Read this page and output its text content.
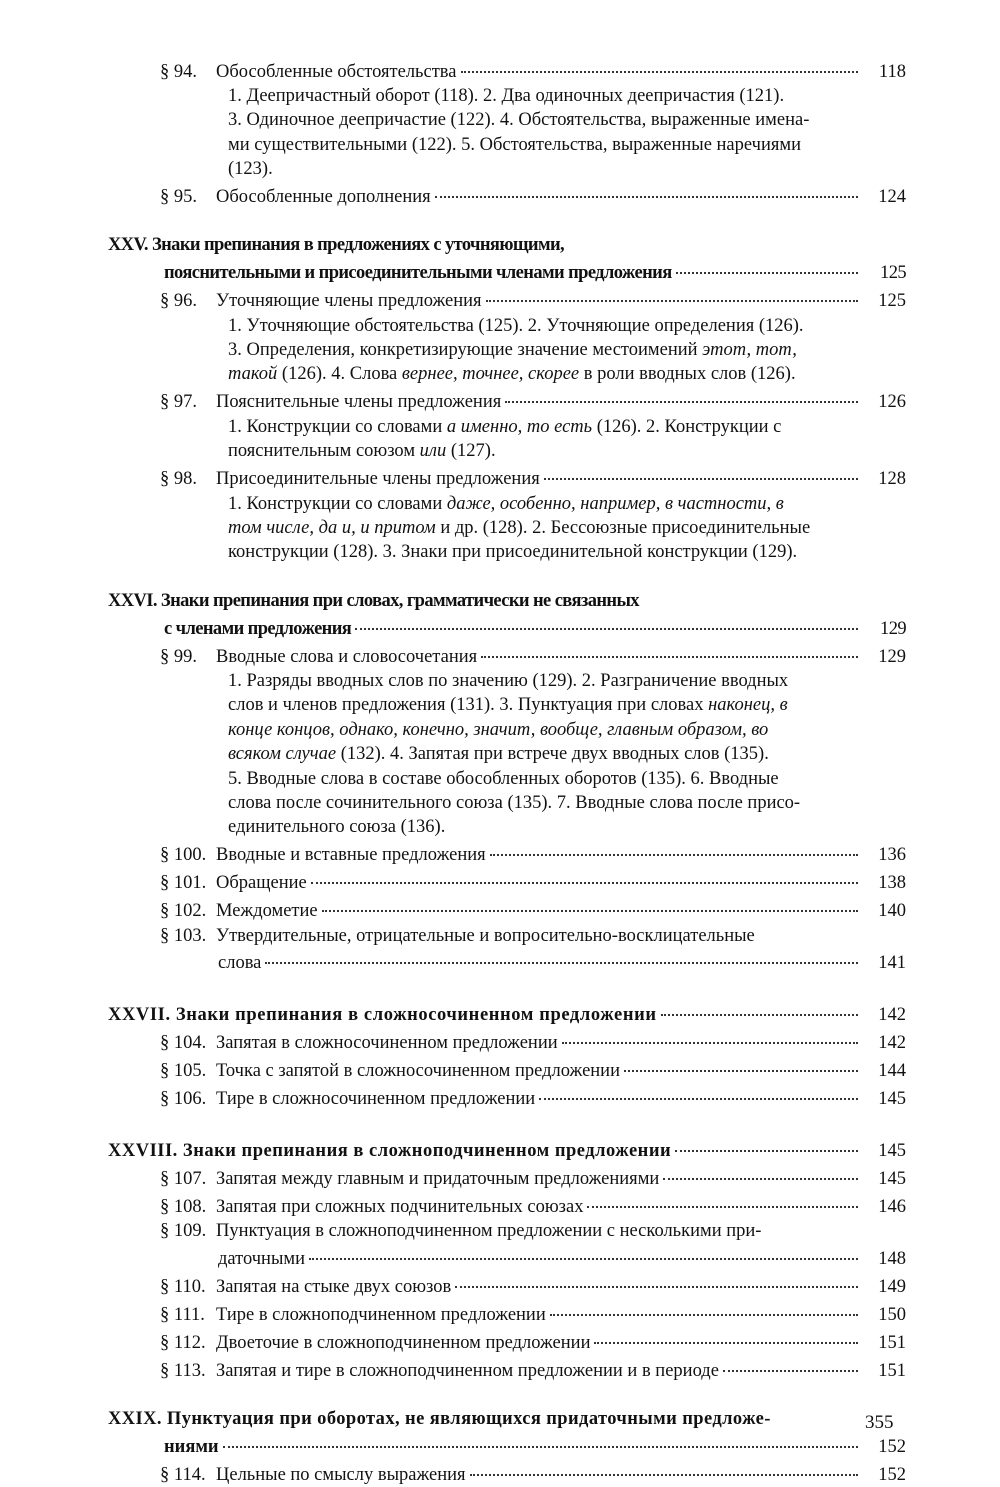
§ 94.	Обособленные обстоятельства	118
1. Деепричастный оборот (118). 2. Два одиночных деепричастия (121).
3. Одиночное деепричастие (122). 4. Обстоятельства, выраженные имена-
ми существительными (122). 5. Обстоятельства, выраженные наречиями
(123).
§ 95.	Обособленные дополнения	124
XXV. Знаки препинания в предложениях с уточняющими,
пояснительными и присоединительными членами предложения	125
§ 96.	Уточняющие члены предложения	125
1. Уточняющие обстоятельства (125). 2. Уточняющие определения (126).
3. Определения, конкретизирующие значение местоимений этот, тот,
такой (126). 4. Слова вернее, точнее, скорее в роли вводных слов (126).
§ 97.	Пояснительные члены предложения	126
1. Конструкции со словами а именно, то есть (126). 2. Конструкции с
пояснительным союзом или (127).
§ 98.	Присоединительные члены предложения	128
1. Конструкции со словами даже, особенно, например, в частности, в
том числе, да и, и притом и др. (128). 2. Бессоюзные присоединительные
конструкции (128). 3. Знаки при присоединительной конструкции (129).
XXVI. Знаки препинания при словах, грамматически не связанных
с членами предложения	129
§ 99.	Вводные слова и словосочетания	129
1. Разряды вводных слов по значению (129). 2. Разграничение вводных
слов и членов предложения (131). 3. Пунктуация при словах наконец, в
конце концов, однако, конечно, значит, вообще, главным образом, во
всяком случае (132). 4. Запятая при встрече двух вводных слов (135).
5. Вводные слова в составе обособленных оборотов (135). 6. Вводные
слова после сочинительного союза (135). 7. Вводные слова после присо-
единительного союза (136).
§ 100. Вводные и вставные предложения	136
§ 101. Обращение	138
§ 102. Междометие	140
§ 103. Утвердительные, отрицательные и вопросительно-восклицательные
слова	141
XXVII. Знаки препинания в сложносочиненном предложении	142
§ 104. Запятая в сложносочиненном предложении	142
§ 105. Точка с запятой в сложносочиненном предложении	144
§ 106. Тире в сложносочиненном предложении	145
XXVIII. Знаки препинания в сложноподчиненном предложении	145
§ 107. Запятая между главным и придаточным предложениями	145
§ 108. Запятая при сложных подчинительных союзах	146
§ 109. Пунктуация в сложноподчиненном предложении с несколькими при-
даточными	148
§ 110. Запятая на стыке двух союзов	149
§ 111. Тире в сложноподчиненном предложении	150
§ 112. Двоеточие в сложноподчиненном предложении	151
§ 113. Запятая и тире в сложноподчиненном предложении и в периоде	151
XXIX. Пунктуация при оборотах, не являющихся придаточными предложе-
ниями	152
§ 114. Цельные по смыслу выражения	152
355
